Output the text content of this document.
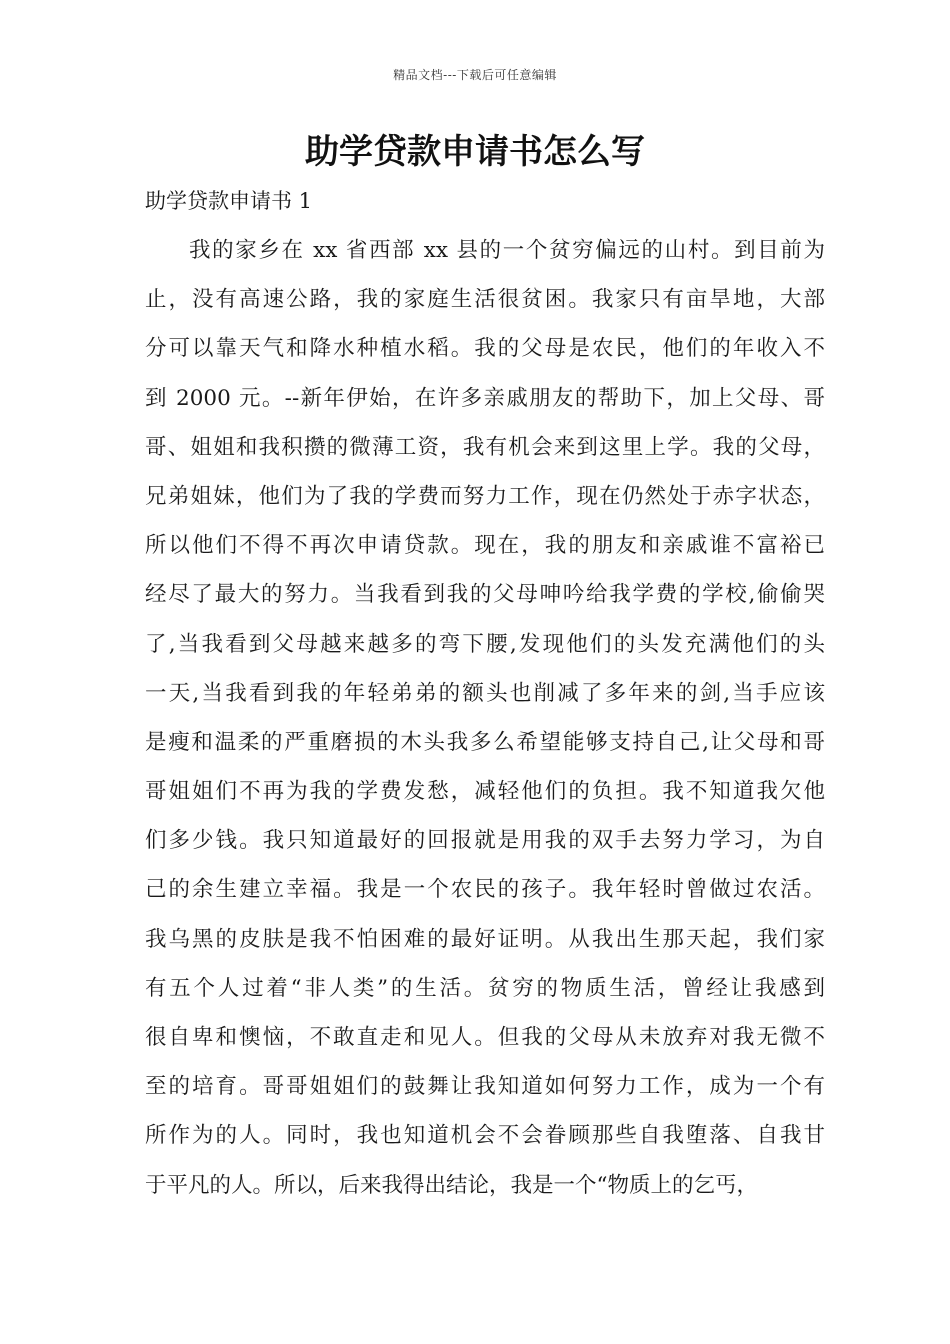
精品文档---下载后可任意编辑
助学贷款申请书怎么写

助学贷款申请书 1

我的家乡在 xx 省西部 xx 县的一个贫穷偏远的山村。到目前为
止，没有高速公路，我的家庭生活很贫困。我家只有亩旱地，大部
分可以靠天气和降水种植水稻。我的父母是农民，他们的年收入不
到 2000 元。--新年伊始，在许多亲戚朋友的帮助下，加上父母、哥
哥、姐姐和我积攒的微薄工资，我有机会来到这里上学。我的父母，
兄弟姐妹，他们为了我的学费而努力工作，现在仍然处于赤字状态，
所以他们不得不再次申请贷款。现在，我的朋友和亲戚谁不富裕已
经尽了最大的努力。当我看到我的父母呻吟给我学费的学校,偷偷哭
了,当我看到父母越来越多的弯下腰,发现他们的头发充满他们的头
一天,当我看到我的年轻弟弟的额头也削减了多年来的剑,当手应该
是瘦和温柔的严重磨损的木头我多么希望能够支持自己,让父母和哥
哥姐姐们不再为我的学费发愁，减轻他们的负担。我不知道我欠他
们多少钱。我只知道最好的回报就是用我的双手去努力学习，为自
己的余生建立幸福。我是一个农民的孩子。我年轻时曾做过农活。
我乌黑的皮肤是我不怕困难的最好证明。从我出生那天起，我们家
有五个人过着“非人类”的生活。贫穷的物质生活，曾经让我感到
很自卑和懊恼，不敢直走和见人。但我的父母从未放弃对我无微不
至的培育。哥哥姐姐们的鼓舞让我知道如何努力工作，成为一个有
所作为的人。同时，我也知道机会不会眷顾那些自我堕落、自我甘
于平凡的人。所以，后来我得出结论，我是一个“物质上的乞丐，
